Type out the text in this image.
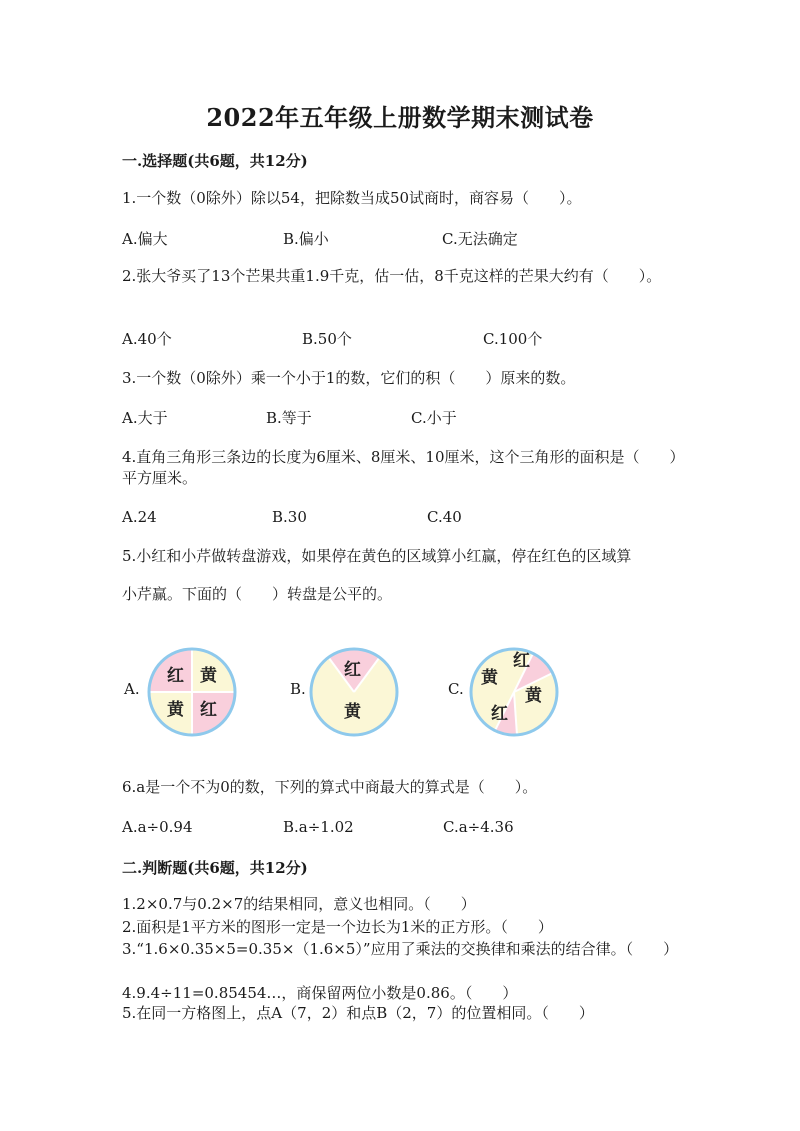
2022年五年级上册数学期末测试卷
一.选择题(共6题，共12分)
1.一个数（0除外）除以54，把除数当成50试商时，商容易（　　）。
A.偏大	B.偏小	C.无法确定
2.张大爷买了13个芒果共重1.9千克，估一估，8千克这样的芒果大约有（　　）。
A.40个	B.50个	C.100个
3.一个数（0除外）乘一个小于1的数，它们的积（　　）原来的数。
A.大于	B.等于	C.小于
4.直角三角形三条边的长度为6厘米、8厘米、10厘米，这个三角形的面积是（　　）平方厘米。
A.24	B.30	C.40
5.小红和小芹做转盘游戏，如果停在黄色的区域算小红赢，停在红色的区域算
小芹赢。下面的（　　）转盘是公平的。
A.	B.	C.
红 黄
黄 红
红
黄
红
黄
黄
红
6.a是一个不为0的数，下列的算式中商最大的算式是（　　）。
A.a÷0.94	B.a÷1.02	C.a÷4.36
二.判断题(共6题，共12分)
1.2×0.7与0.2×7的结果相同，意义也相同。（　　）
2.面积是1平方米的图形一定是一个边长为1米的正方形。（　　）
3.“1.6×0.35×5=0.35×（1.6×5）”应用了乘法的交换律和乘法的结合律。（　　）
4.9.4÷11=0.85454…，商保留两位小数是0.86。（　　）
5.在同一方格图上，点A（7，2）和点B（2，7）的位置相同。（　　）
